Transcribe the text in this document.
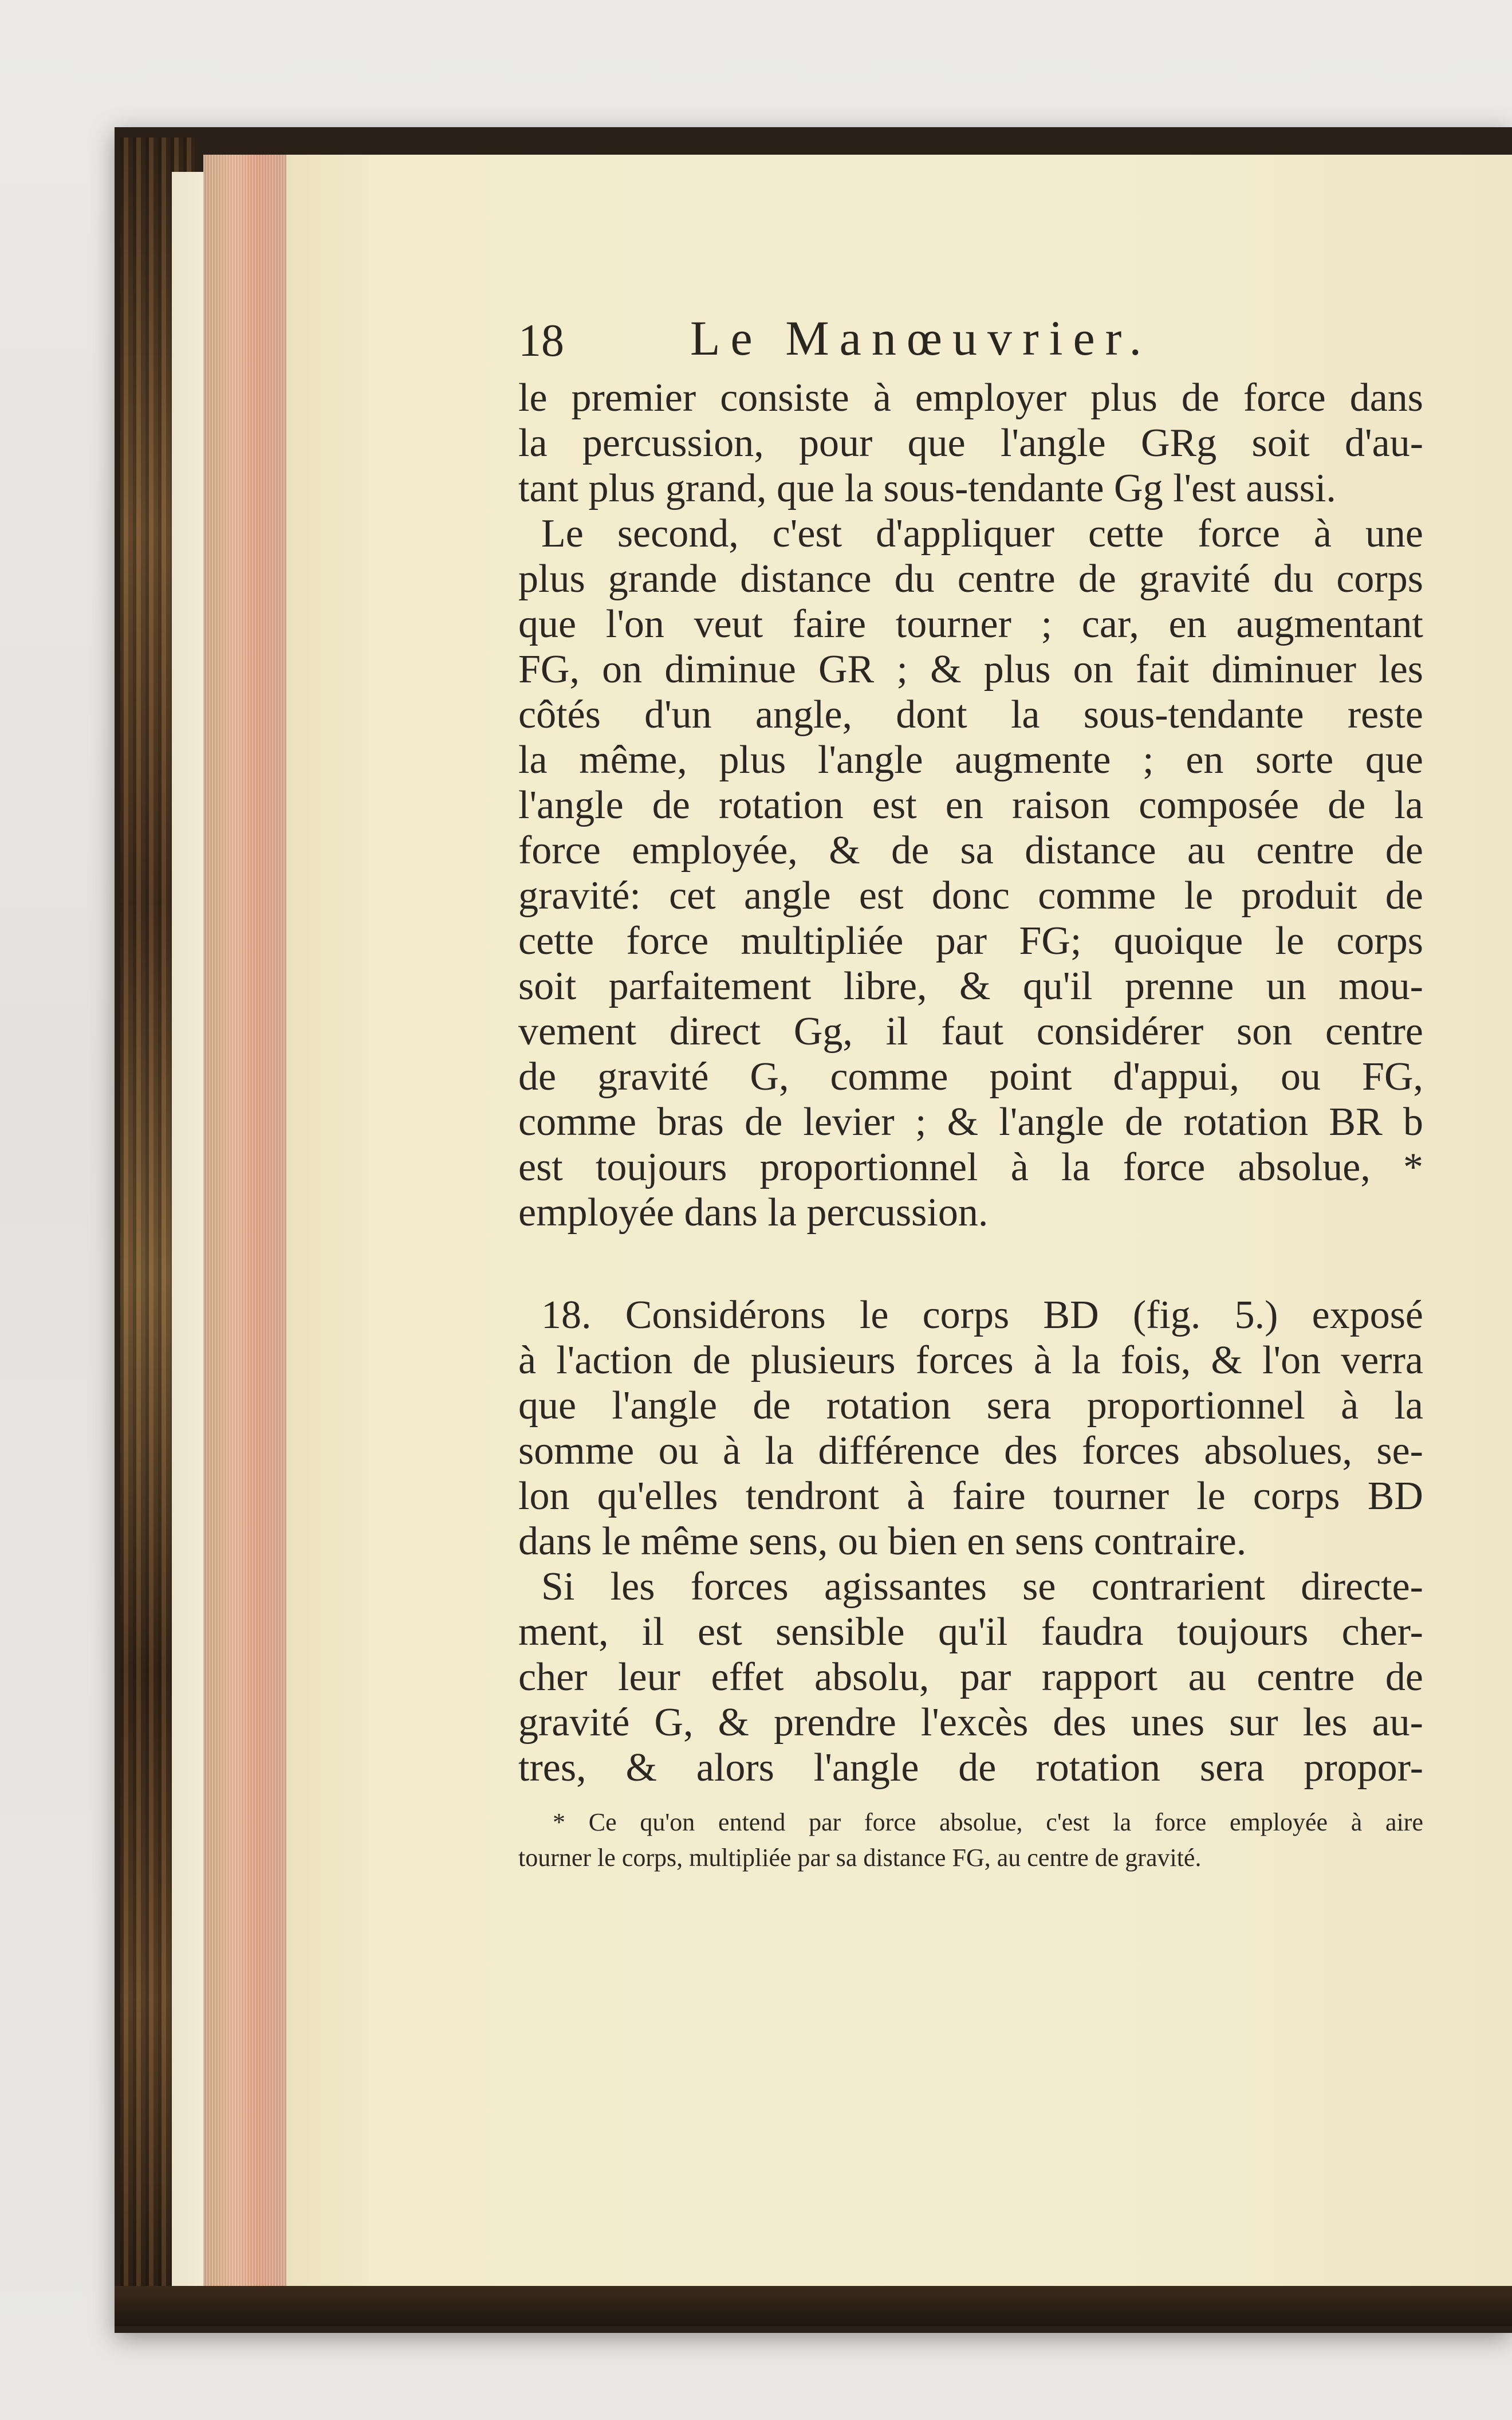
18	Le Manœuvrier.
le premier consiste à employer plus de force dans
la percussion, pour que l'angle GRg soit d'au-
tant plus grand, que la sous-tendante Gg l'est aussi.
Le second, c'est d'appliquer cette force à une
plus grande distance du centre de gravité du corps
que l'on veut faire tourner ; car, en augmentant
FG, on diminue GR ; & plus on fait diminuer les
côtés d'un angle, dont la sous-tendante reste
la même, plus l'angle augmente ; en sorte que
l'angle de rotation est en raison composée de la
force employée, & de sa distance au centre de
gravité: cet angle est donc comme le produit de
cette force multipliée par FG; quoique le corps
soit parfaitement libre, & qu'il prenne un mou-
vement direct Gg, il faut considérer son centre
de gravité G, comme point d'appui, ou FG,
comme bras de levier ; & l'angle de rotation BR b
est toujours proportionnel à la force absolue, *
employée dans la percussion.
18. Considérons le corps BD (fig. 5.) exposé
à l'action de plusieurs forces à la fois, & l'on verra
que l'angle de rotation sera proportionnel à la
somme ou à la différence des forces absolues, se-
lon qu'elles tendront à faire tourner le corps BD
dans le même sens, ou bien en sens contraire.
Si les forces agissantes se contrarient directe-
ment, il est sensible qu'il faudra toujours cher-
cher leur effet absolu, par rapport au centre de
gravité G, & prendre l'excès des unes sur les au-
tres, & alors l'angle de rotation sera propor-
* Ce qu'on entend par force absolue, c'est la force employée à aire
tourner le corps, multipliée par sa distance FG, au centre de gravité.
